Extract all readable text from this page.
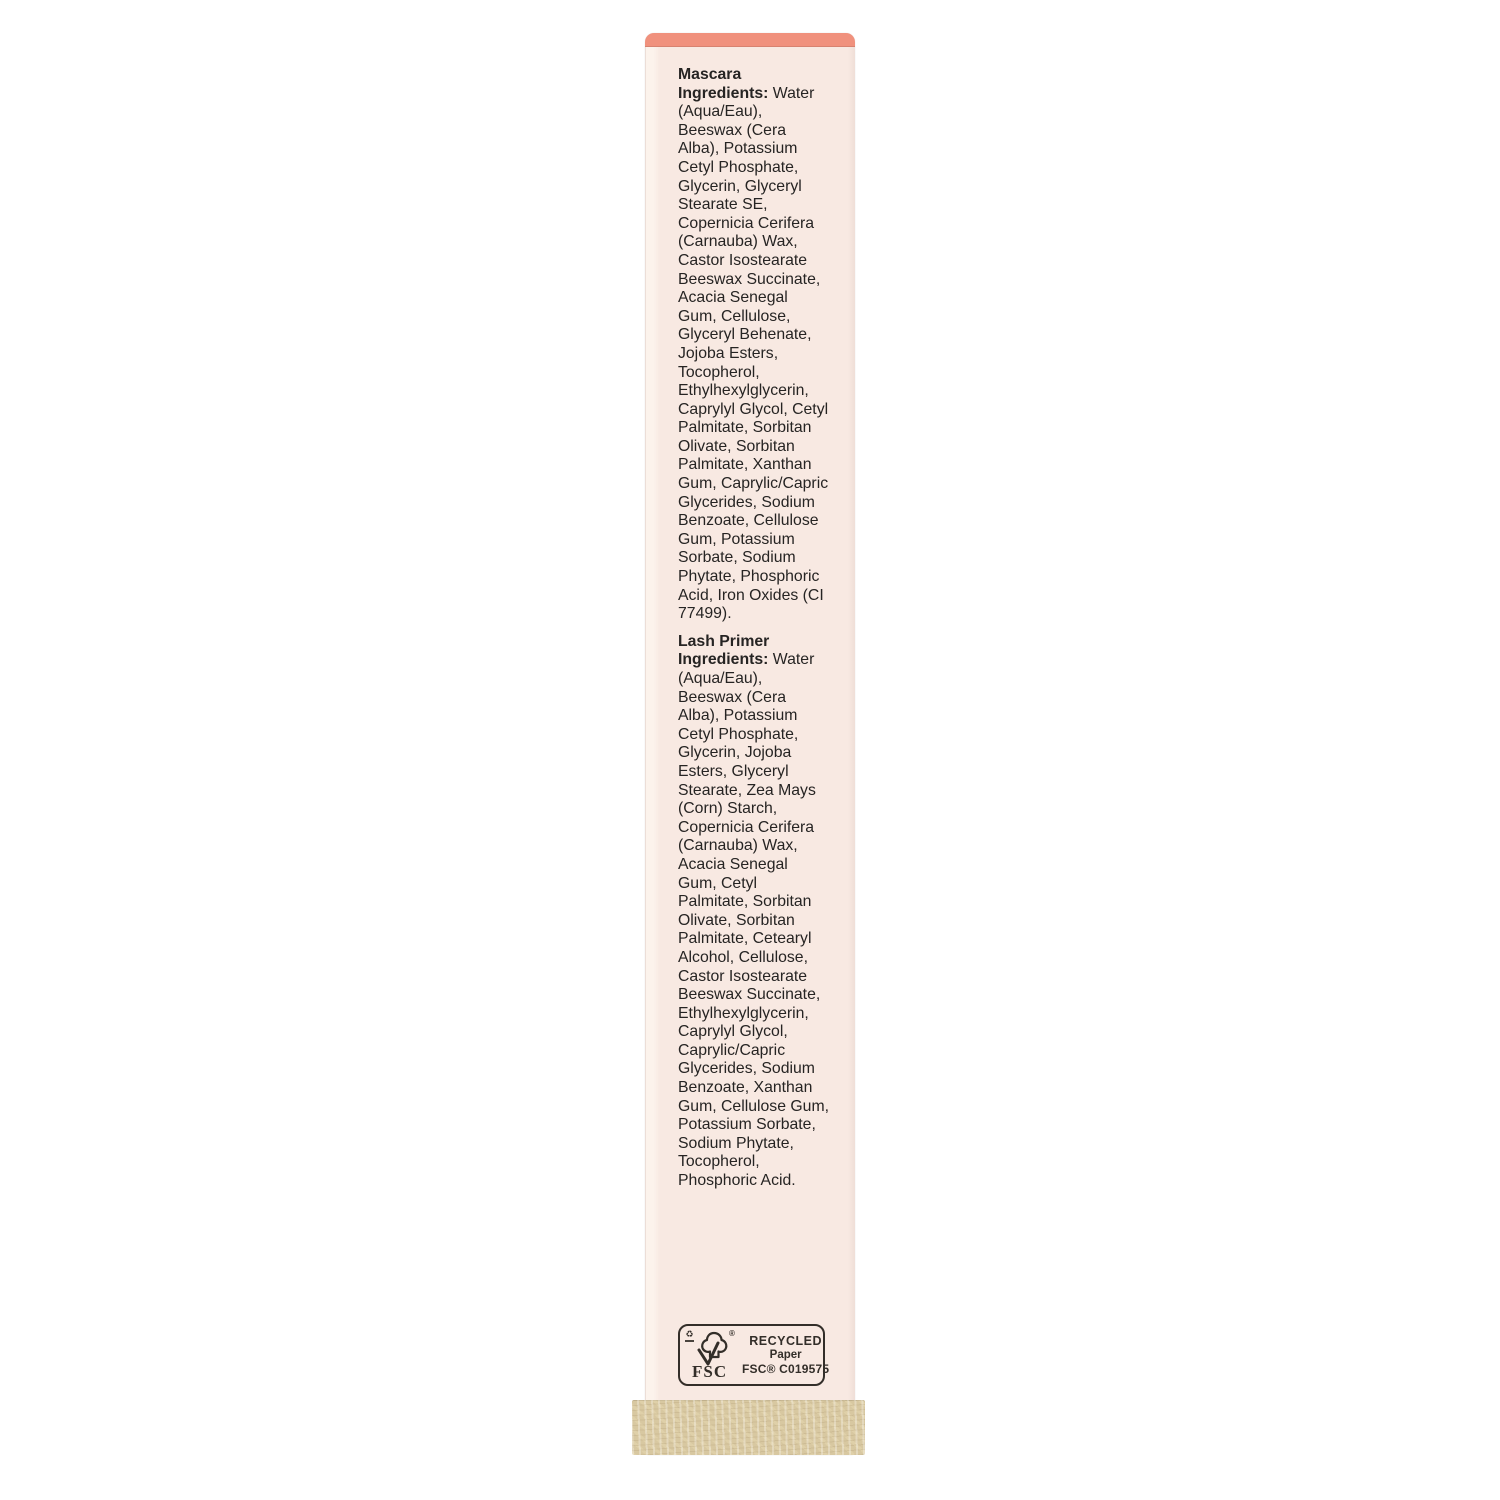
Mascara Ingredients: Water (Aqua/Eau), Beeswax (Cera Alba), Potassium Cetyl Phosphate, Glycerin, Glyceryl Stearate SE, Copernicia Cerifera (Carnauba) Wax, Castor Isostearate Beeswax Succinate, Acacia Senegal Gum, Cellulose, Glyceryl Behenate, Jojoba Esters, Tocopherol, Ethylhexylglycerin, Caprylyl Glycol, Cetyl Palmitate, Sorbitan Olivate, Sorbitan Palmitate, Xanthan Gum, Caprylic/Capric Glycerides, Sodium Benzoate, Cellulose Gum, Potassium Sorbate, Sodium Phytate, Phosphoric Acid, Iron Oxides (CI 77499).

Lash Primer Ingredients: Water (Aqua/Eau), Beeswax (Cera Alba), Potassium Cetyl Phosphate, Glycerin, Jojoba Esters, Glyceryl Stearate, Zea Mays (Corn) Starch, Copernicia Cerifera (Carnauba) Wax, Acacia Senegal Gum, Cetyl Palmitate, Sorbitan Olivate, Sorbitan Palmitate, Cetearyl Alcohol, Cellulose, Castor Isostearate Beeswax Succinate, Ethylhexylglycerin, Caprylyl Glycol, Caprylic/Capric Glycerides, Sodium Benzoate, Xanthan Gum, Cellulose Gum, Potassium Sorbate, Sodium Phytate, Tocopherol, Phosphoric Acid.

♻	®
FSC
RECYCLED
Paper
FSC® C019575
